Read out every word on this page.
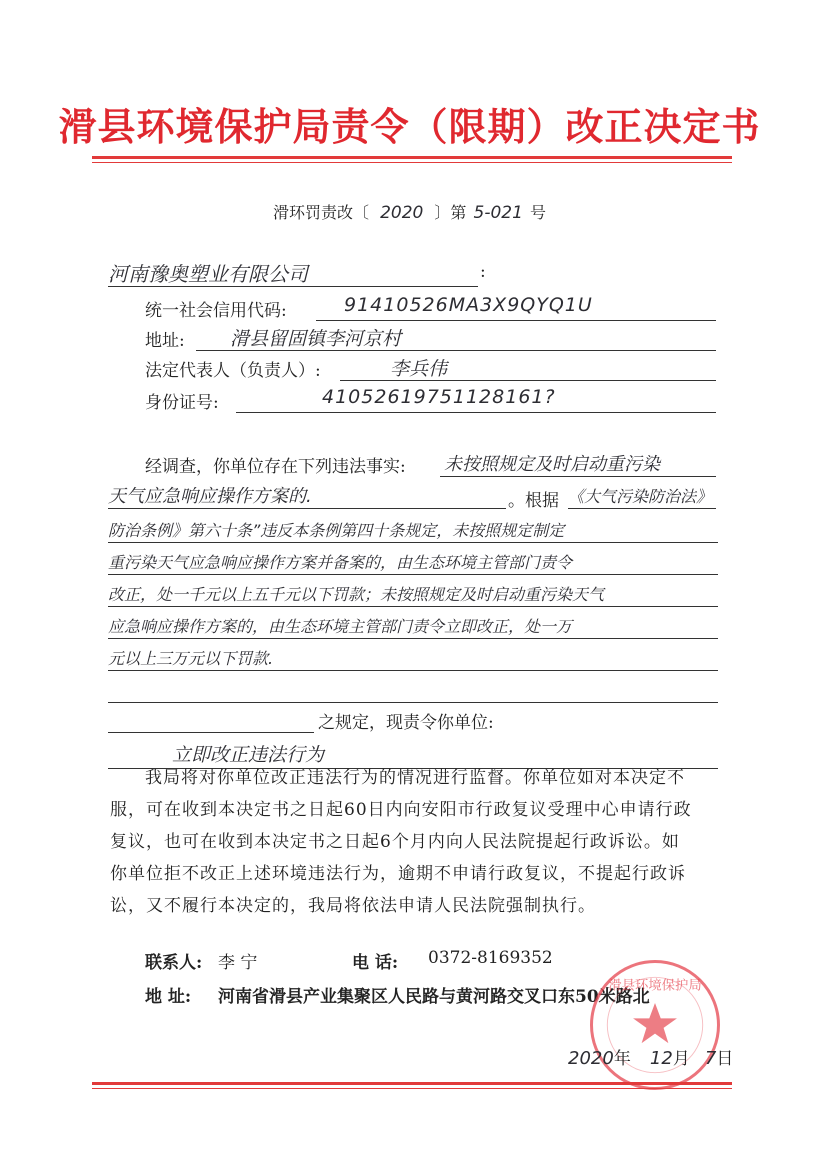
滑县环境保护局责令（限期）改正决定书
滑环罚责改〔 2020 〕第 5-021 号
河南豫奥塑业有限公司	:
统一社会信用代码:	91410526MA3X9QYQ1U
地址: 滑县留固镇李河京村
法定代表人（负责人）:	李兵伟
身份证号:	41052619751128161?
经调查，你单位存在下列违法事实: 未按照规定及时启动重污染
天气应急响应操作方案的.	。根据 《大气污染防治法》
防治条例》第六十条”违反本条例第四十条规定，未按照规定制定
重污染天气应急响应操作方案并备案的，由生态环境主管部门责令
改正，处一千元以上五千元以下罚款；未按照规定及时启动重污染天气
应急响应操作方案的，由生态环境主管部门责令立即改正，处一万
元以上三万元以下罚款.
之规定，现责令你单位:
立即改正违法行为
我局将对你单位改正违法行为的情况进行监督。你单位如对本决定不
服，可在收到本决定书之日起60日内向安阳市行政复议受理中心申请行政
复议，也可在收到本决定书之日起6个月内向人民法院提起行政诉讼。如
你单位拒不改正上述环境违法行为，逾期不申请行政复议，不提起行政诉
讼，又不履行本决定的，我局将依法申请人民法院强制执行。
联系人: 李 宁	电 话: 0372-8169352
地 址: 河南省滑县产业集聚区人民路与黄河路交叉口东50米路北
滑县环境保护局
2020年 12月 7日
